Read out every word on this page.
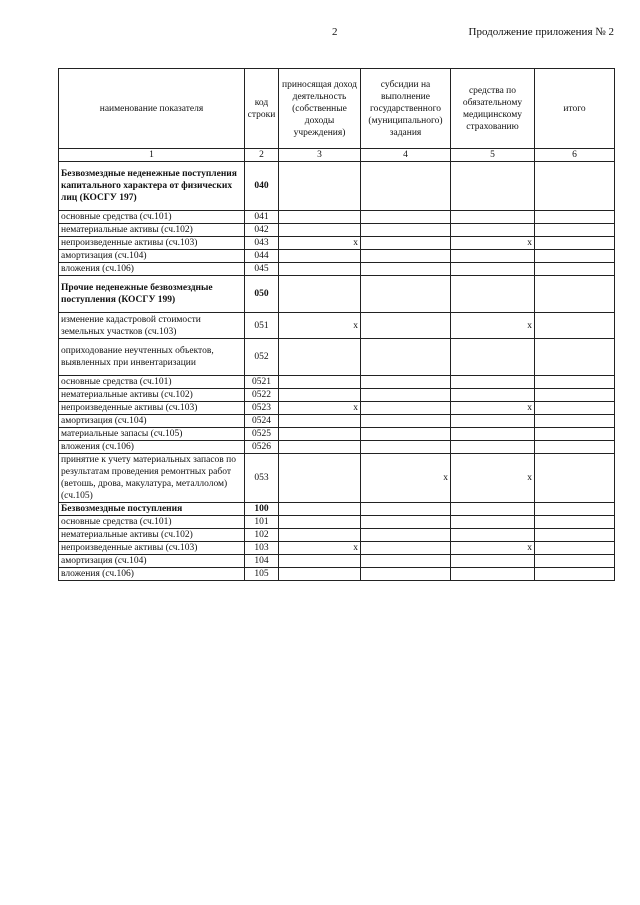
2	Продолжение приложения № 2
наименование показателя	код строки	приносящая доход деятельность (собственные доходы учреждения)	субсидии на выполнение государственного (муниципального) задания	средства по обязательному медицинскому страхованию	итого
1	2	3	4	5	6
Безвозмездные неденежные поступления капитального характера от физических лиц (КОСГУ 197)	040				
основные средства (сч.101)	041				
нематериальные активы (сч.102)	042				
непроизведенные активы (сч.103)	043	x		x	
амортизация (сч.104)	044				
вложения (сч.106)	045				
Прочие неденежные безвозмездные поступления (КОСГУ 199)	050				
изменение кадастровой стоимости земельных участков (сч.103)	051	x		x	
оприходование неучтенных объектов, выявленных при инвентаризации	052				
основные средства (сч.101)	0521				
нематериальные активы (сч.102)	0522				
непроизведенные активы (сч.103)	0523	x		x	
амортизация (сч.104)	0524				
материальные запасы (сч.105)	0525				
вложения (сч.106)	0526				
принятие к учету материальных запасов по результатам проведения ремонтных работ (ветошь, дрова, макулатура, металлолом) (сч.105)	053		x	x	
Безвозмездные поступления	100				
основные средства (сч.101)	101				
нематериальные активы (сч.102)	102				
непроизведенные активы (сч.103)	103	x		x	
амортизация (сч.104)	104				
вложения (сч.106)	105				
